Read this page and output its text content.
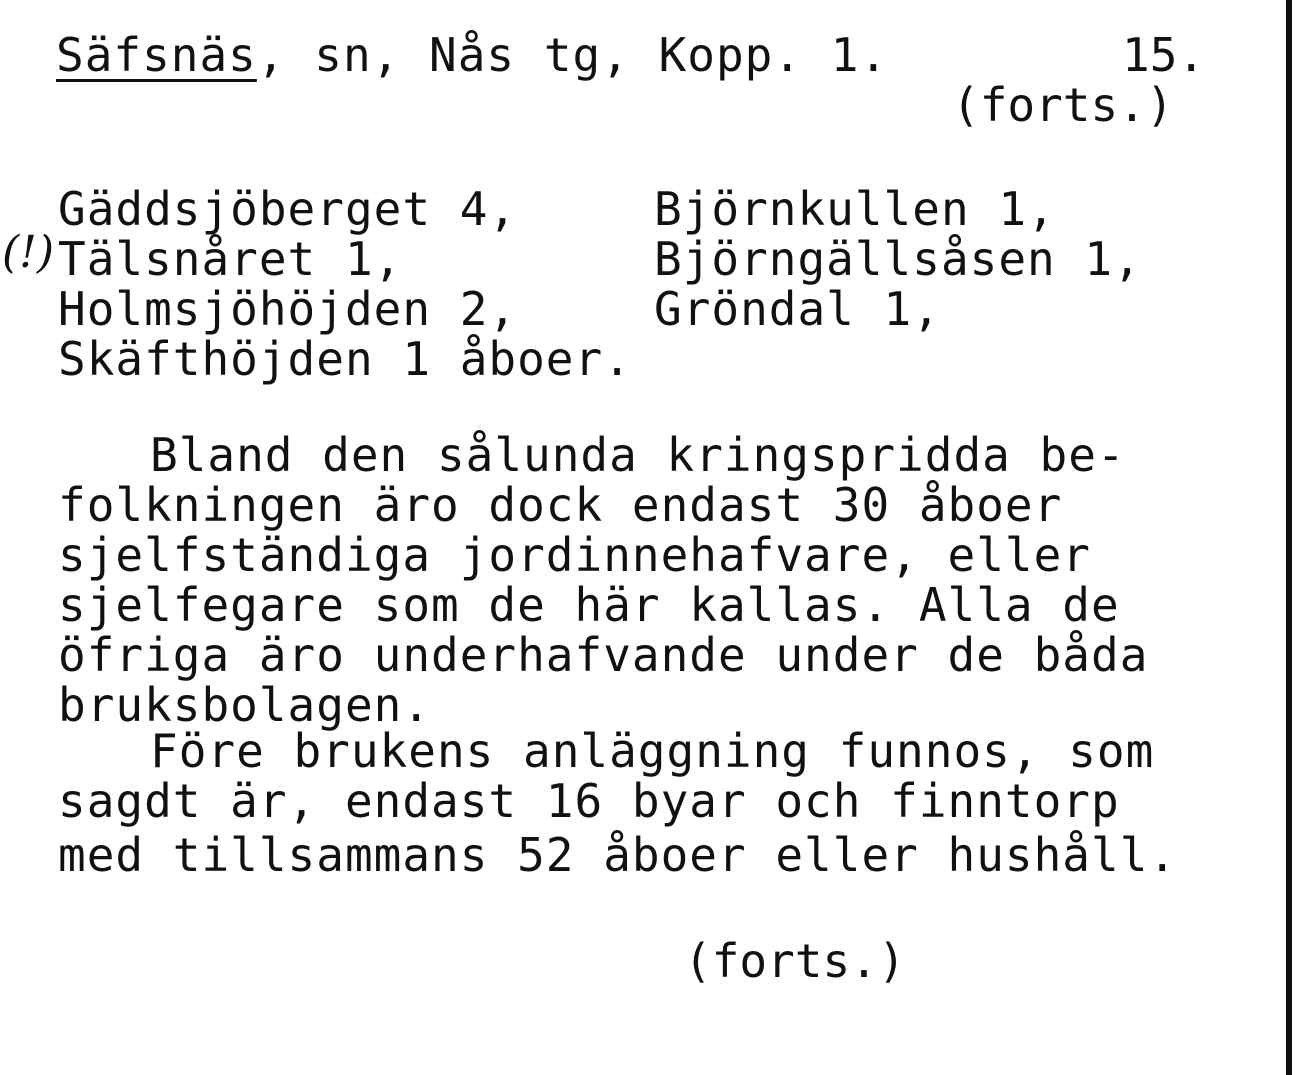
Säfsnäs, sn, Nås tg, Kopp. 1.	15.
(forts.)
(!)
Gäddsjöberget 4,
Tälsnåret 1,
Holmsjöhöjden 2,
Skäfthöjden 1 åboer.
Björnkullen 1,
Björngällsåsen 1,
Gröndal 1,
Bland den sålunda kringspridda be-
folkningen äro dock endast 30 åboer
sjelfständiga jordinnehafvare, eller
sjelfegare som de här kallas. Alla de
öfriga äro underhafvande under de båda
bruksbolagen.
Före brukens anläggning funnos, som
sagdt är, endast 16 byar och finntorp
med tillsammans 52 åboer eller hushåll.
(forts.)
